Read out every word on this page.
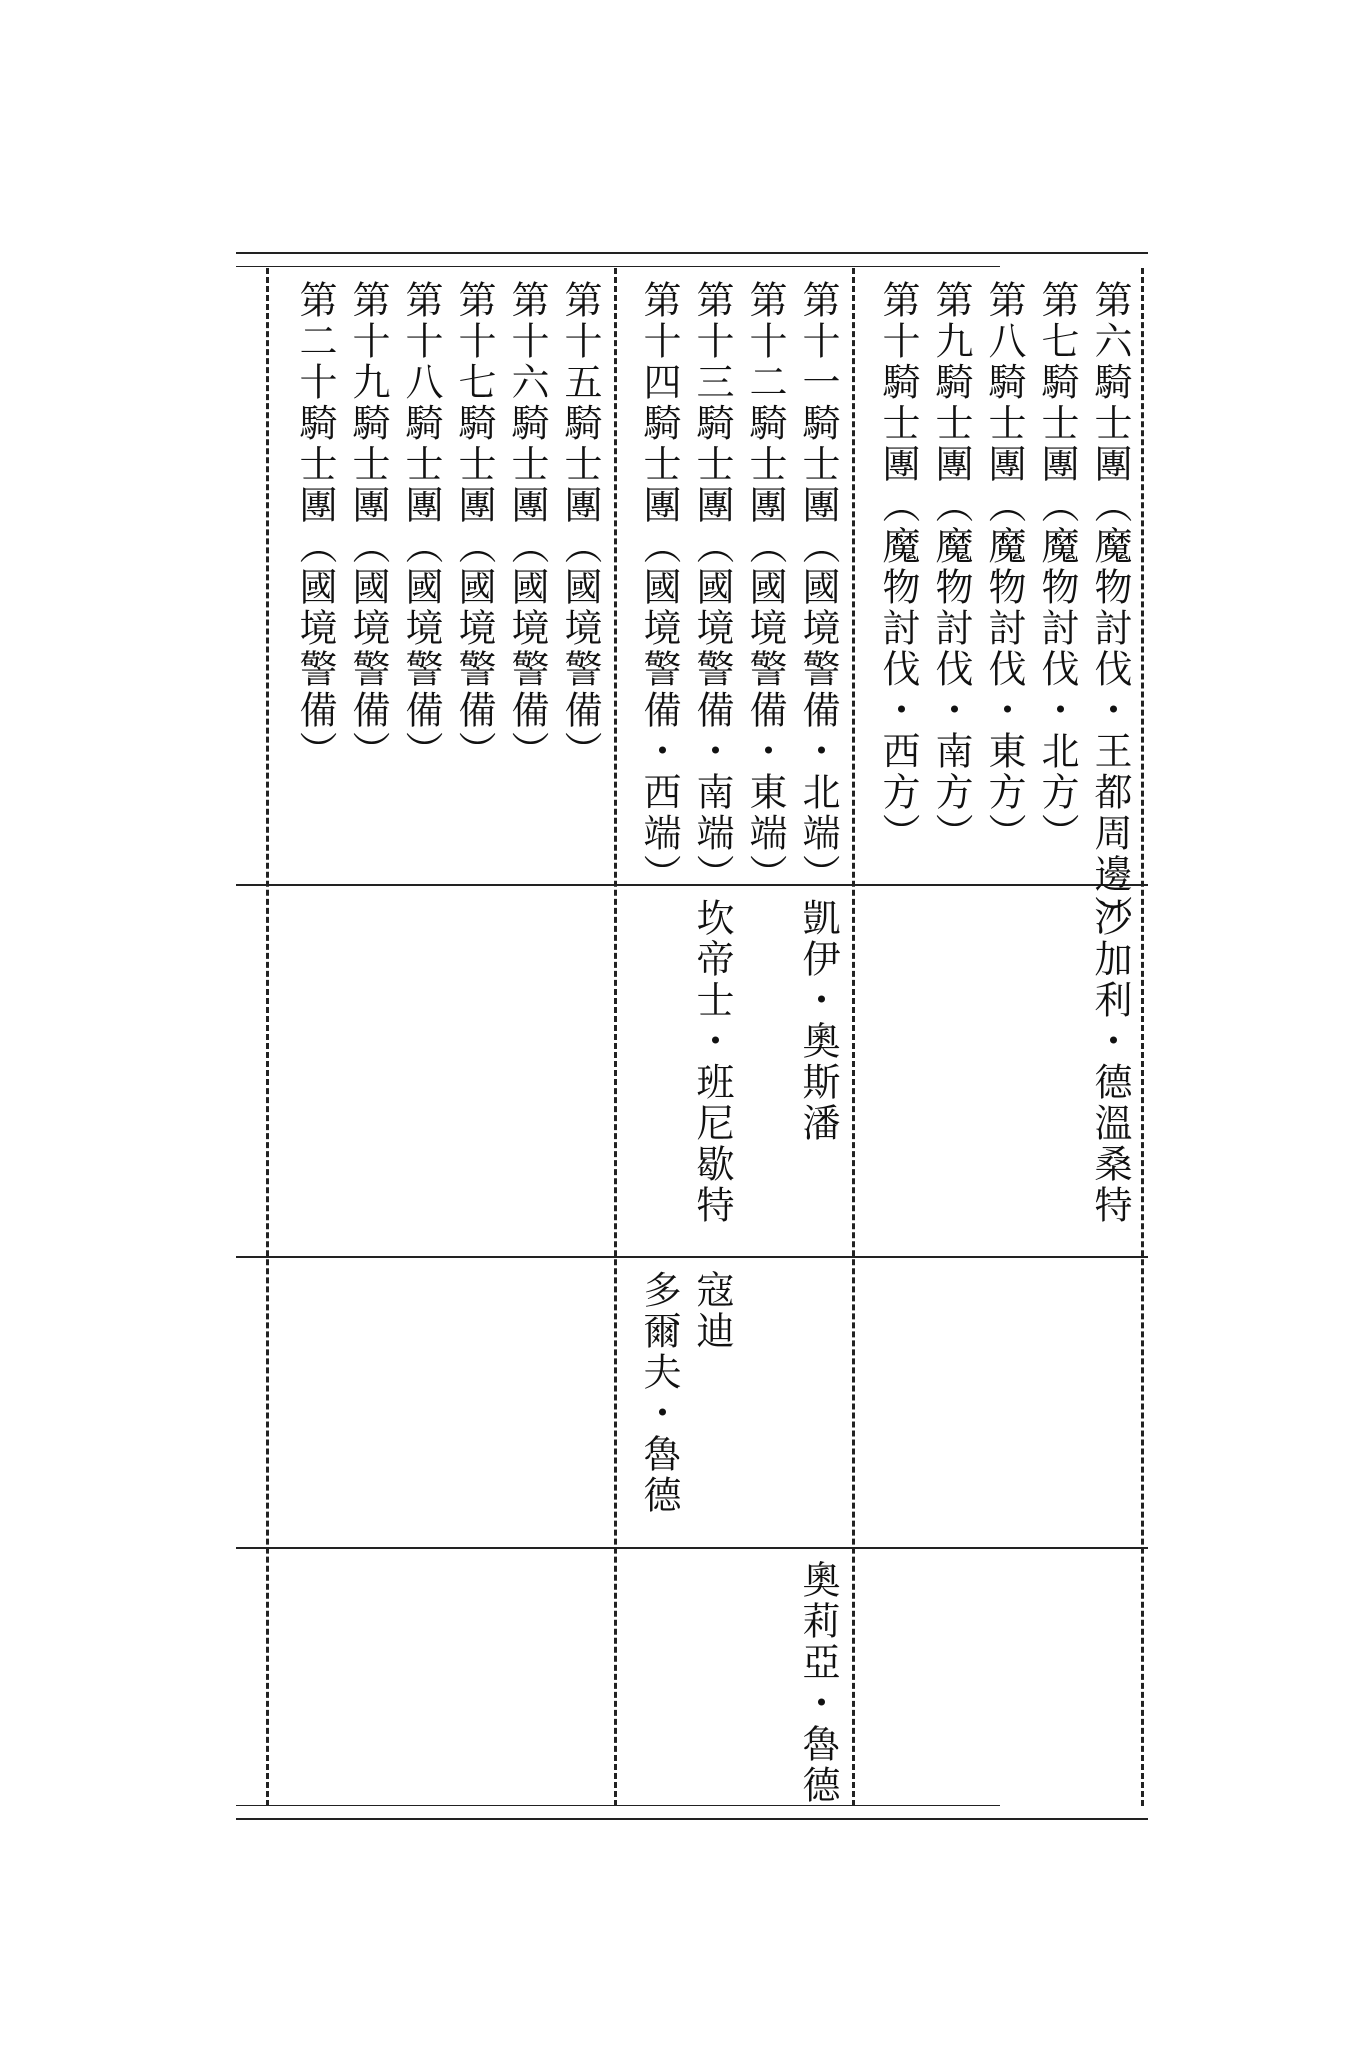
第六騎士團（魔物討伐・王都周邊）
第七騎士團（魔物討伐・北方）
第八騎士團（魔物討伐・東方）
第九騎士團（魔物討伐・南方）
第十騎士團（魔物討伐・西方）
第十一騎士團（國境警備・北端）
第十二騎士團（國境警備・東端）
第十三騎士團（國境警備・南端）
第十四騎士團（國境警備・西端）
第十五騎士團（國境警備）
第十六騎士團（國境警備）
第十七騎士團（國境警備）
第十八騎士團（國境警備）
第十九騎士團（國境警備）
第二十騎士團（國境警備）
沙加利・德溫桑特
凱伊・奧斯潘
坎帝士・班尼歇特
寇迪
多爾夫・魯德
奧莉亞・魯德
